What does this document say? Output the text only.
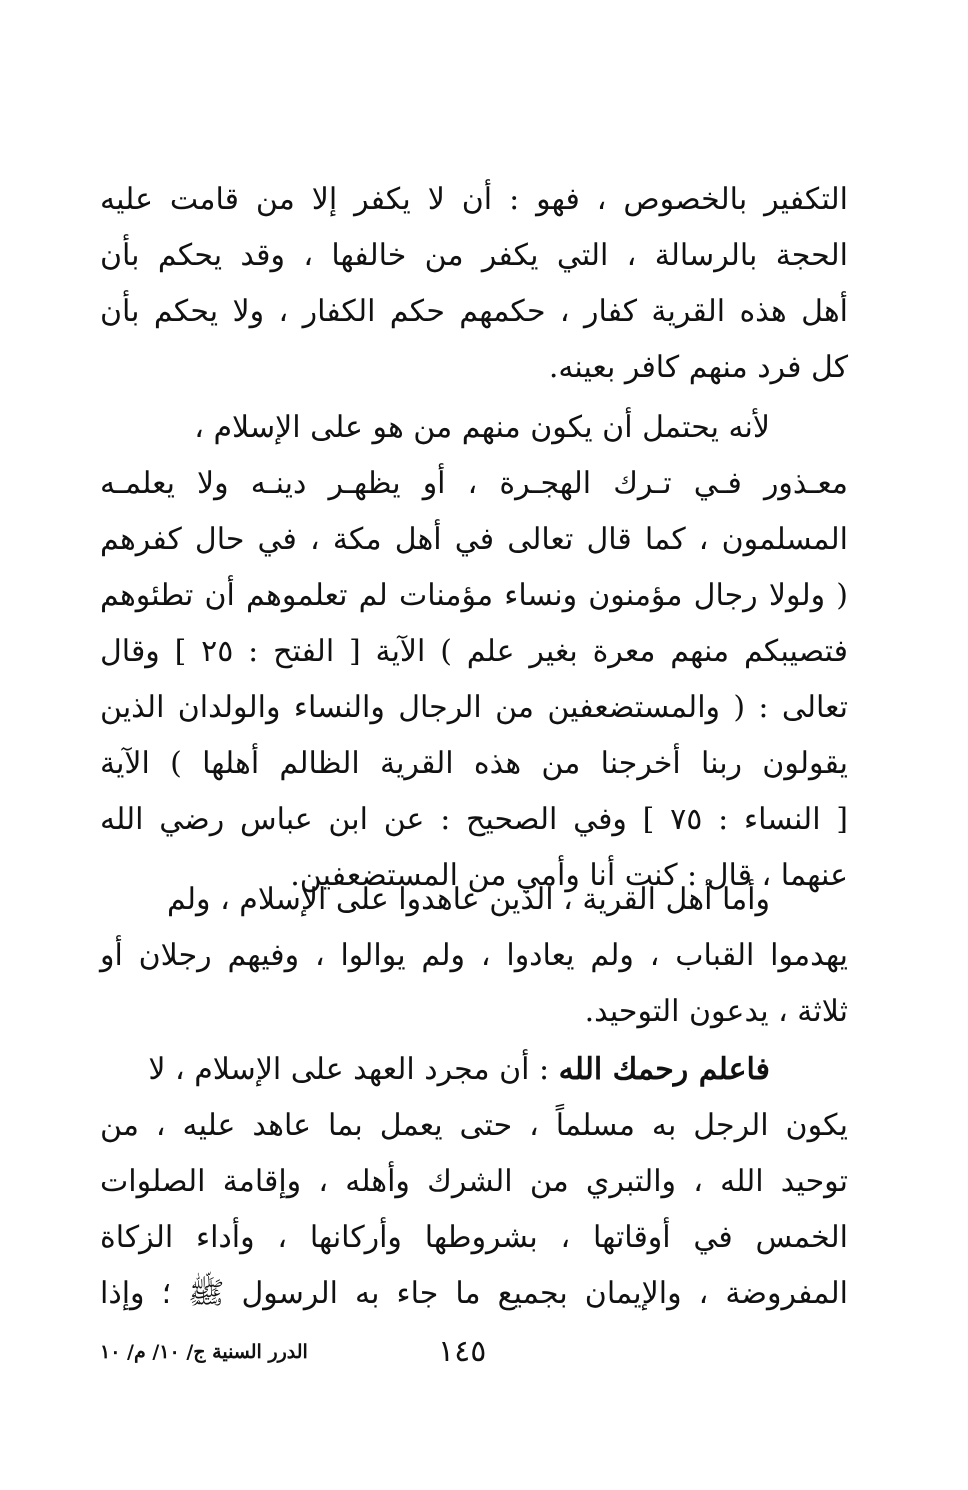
التكفير بالخصوص ، فهو : أن لا يكفر إلا من قامت عليه
الحجة بالرسالة ، التي يكفر من خالفها ، وقد يحكم بأن
أهل هذه القرية كفار ، حكمهم حكم الكفار ، ولا يحكم بأن
كل فرد منهم كافر بعينه.
لأنه يحتمل أن يكون منهم من هو على الإسلام ،
معـذور فـي تـرك الهجـرة ، أو يظهـر دينـه ولا يعلمـه
المسلمون ، كما قال تعالى في أهل مكة ، في حال كفرهم
( ولولا رجال مؤمنون ونساء مؤمنات لم تعلموهم أن تطئوهم
فتصيبكم منهم معرة بغير علم ) الآية [ الفتح : ٢٥ ] وقال
تعالى : ( والمستضعفين من الرجال والنساء والولدان الذين
يقولون ربنا أخرجنا من هذه القرية الظالم أهلها ) الآية
[ النساء : ٧٥ ] وفي الصحيح : عن ابن عباس رضي الله
عنهما ، قال : كنت أنا وأمي من المستضعفين.
وأما أهل القرية ، الذين عاهدوا على الإسلام ، ولم
يهدموا القباب ، ولم يعادوا ، ولم يوالوا ، وفيهم رجلان أو
ثلاثة ، يدعون التوحيد.
فاعلم رحمك الله : أن مجرد العهد على الإسلام ، لا
يكون الرجل به مسلماً ، حتى يعمل بما عاهد عليه ، من
توحيد الله ، والتبري من الشرك وأهله ، وإقامة الصلوات
الخمس في أوقاتها ، بشروطها وأركانها ، وأداء الزكاة
المفروضة ، والإيمان بجميع ما جاء به الرسول ﷺ ؛ وإذا
١٤٥
الدرر السنية ج/ ١٠/ م/ ١٠
